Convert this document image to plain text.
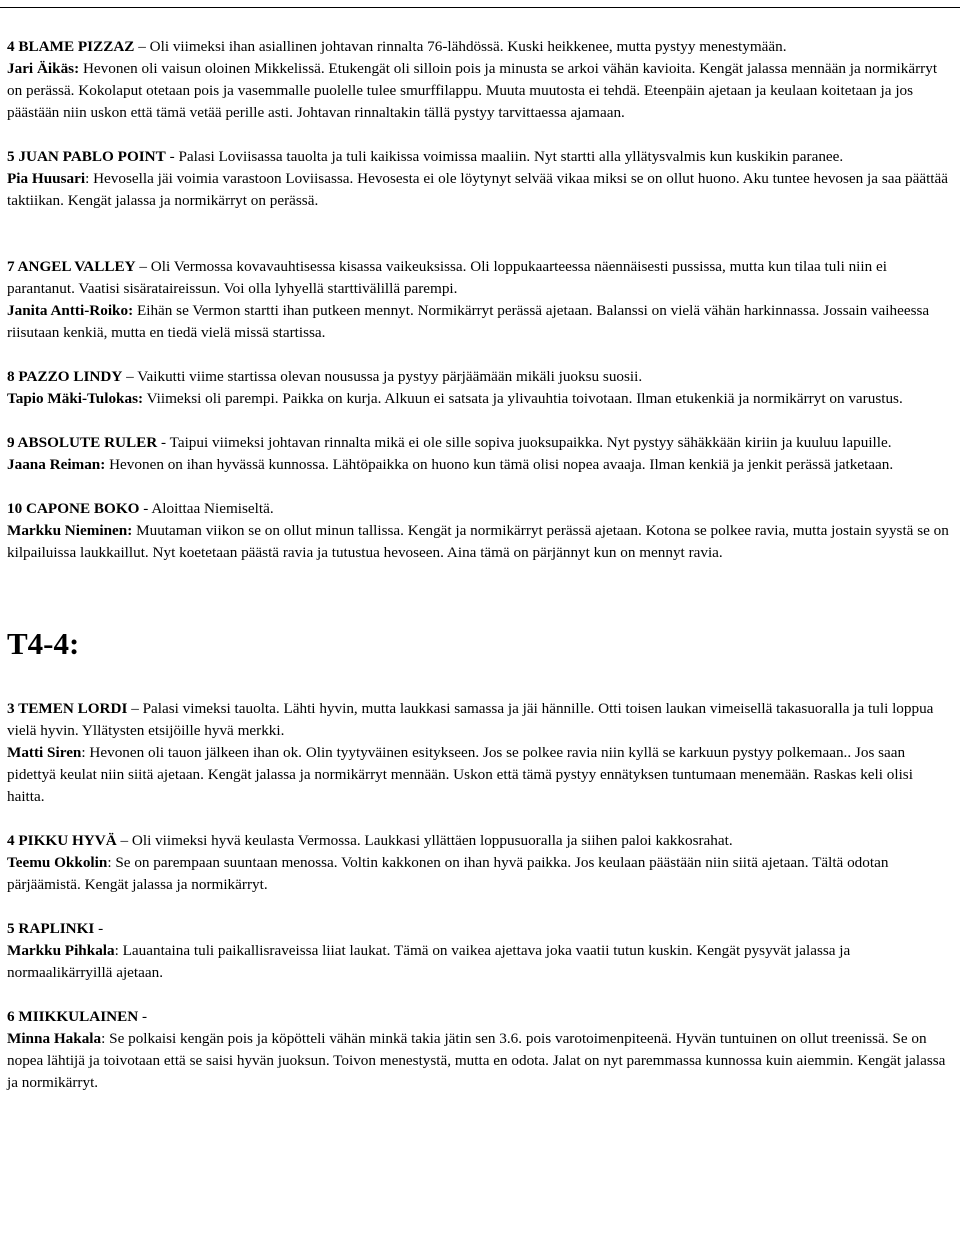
4 BLAME PIZZAZ – Oli viimeksi ihan asiallinen johtavan rinnalta 76-lähdössä. Kuski heikkenee, mutta pystyy menestymään.
Jari Äikäs: Hevonen oli vaisun oloinen Mikkelissä. Etukengät oli silloin pois ja minusta se arkoi vähän kavioita. Kengät jalassa mennään ja normikärryt on perässä. Kokolaput otetaan pois ja vasemmalle puolelle tulee smurffilappu. Muuta muutosta ei tehdä. Eteenpäin ajetaan ja keulaan koitetaan ja jos päästään niin uskon että tämä vetää perille asti. Johtavan rinnaltakin tällä pystyy tarvittaessa ajamaan.

5 JUAN PABLO POINT - Palasi Loviisassa tauolta ja tuli kaikissa voimissa maaliin. Nyt startti alla yllätysvalmis kun kuskikin paranee.
Pia Huusari: Hevosella jäi voimia varastoon Loviisassa. Hevosesta ei ole löytynyt selvää vikaa miksi se on ollut huono. Aku tuntee hevosen ja saa päättää taktiikan. Kengät jalassa ja normikärryt on perässä.

7 ANGEL VALLEY – Oli Vermossa kovavauhtisessa kisassa vaikeuksissa. Oli loppukaarteessa näennäisesti pussissa, mutta kun tilaa tuli niin ei parantanut. Vaatisi sisärataireissun. Voi olla lyhyellä starttivälillä parempi.
Janita Antti-Roiko: Eihän se Vermon startti ihan putkeen mennyt. Normikärryt perässä ajetaan. Balanssi on vielä vähän harkinnassa. Jossain vaiheessa riisutaan kenkiä, mutta en tiedä vielä missä startissa.

8 PAZZO LINDY – Vaikutti viime startissa olevan nousussa ja pystyy pärjäämään mikäli juoksu suosii.
Tapio Mäki-Tulokas: Viimeksi oli parempi. Paikka on kurja. Alkuun ei satsata ja ylivauhtia toivotaan. Ilman etukenkiä ja normikärryt on varustus.

9 ABSOLUTE RULER - Taipui viimeksi johtavan rinnalta mikä ei ole sille sopiva juoksupaikka. Nyt pystyy sähäkkään kiriin ja kuuluu lapuille.
Jaana Reiman: Hevonen on ihan hyvässä kunnossa. Lähtöpaikka on huono kun tämä olisi nopea avaaja. Ilman kenkiä ja jenkit perässä jatketaan.

10 CAPONE BOKO - Aloittaa Niemiseltä.
Markku Nieminen: Muutaman viikon se on ollut minun tallissa. Kengät ja normikärryt perässä ajetaan. Kotona se polkee ravia, mutta jostain syystä se on kilpailuissa laukkaillut. Nyt koetetaan päästä ravia ja tutustua hevoseen. Aina tämä on pärjännyt kun on mennyt ravia.

T4-4:

3 TEMEN LORDI – Palasi vimeksi tauolta. Lähti hyvin, mutta laukkasi samassa ja jäi hännille. Otti toisen laukan vimeisellä takasuoralla ja tuli loppua vielä hyvin. Yllätysten etsijöille hyvä merkki.
Matti Siren: Hevonen oli tauon jälkeen ihan ok. Olin tyytyväinen esitykseen. Jos se polkee ravia niin kyllä se karkuun pystyy polkemaan.. Jos saan pidettyä keulat niin siitä ajetaan. Kengät jalassa ja normikärryt mennään. Uskon että tämä pystyy ennätyksen tuntumaan menemään. Raskas keli olisi haitta.

4 PIKKU HYVÄ – Oli viimeksi hyvä keulasta Vermossa. Laukkasi yllättäen loppusuoralla ja siihen paloi kakkosrahat.
Teemu Okkolin: Se on parempaan suuntaan menossa. Voltin kakkonen on ihan hyvä paikka. Jos keulaan päästään niin siitä ajetaan. Tältä odotan pärjäämistä. Kengät jalassa ja normikärryt.

5 RAPLINKI -
Markku Pihkala: Lauantaina tuli paikallisraveissa liiat laukat. Tämä on vaikea ajettava joka vaatii tutun kuskin. Kengät pysyvät jalassa ja normaalikärryillä ajetaan.

6 MIIKKULAINEN -
Minna Hakala: Se polkaisi kengän pois ja köpötteli vähän minkä takia jätin sen 3.6. pois varotoimenpiteenä. Hyvän tuntuinen on ollut treenissä. Se on nopea lähtijä ja toivotaan että se saisi hyvän juoksun. Toivon menestystä, mutta en odota. Jalat on nyt paremmassa kunnossa kuin aiemmin. Kengät jalassa ja normikärryt.
